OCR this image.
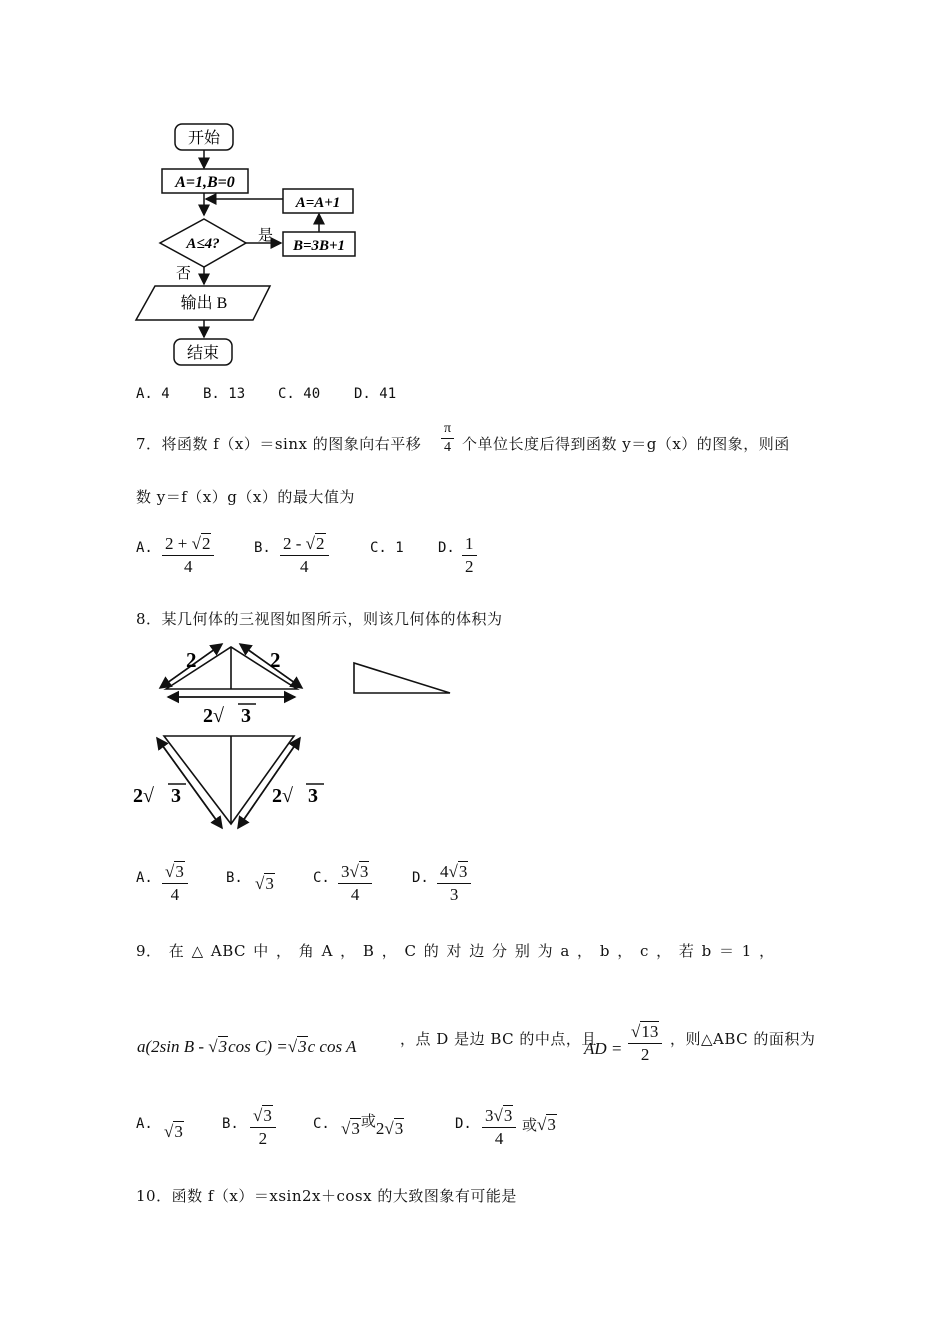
开始
A=1,B=0
A≤4?	是
否
B=3B+1
A=A+1
输出 B
结束
A. 4 B. 13 C. 40 D. 41
7．将函数 f（x）＝sinx 的图象向右平移 $\frac{\pi}{4}$ 个单位长度后得到函数 y＝g（x）的图象，则函
数 y＝f（x）g（x）的最大值为
A. $\frac{2 + √2}{4}$	B. $\frac{2 - √2}{4}$	C. 1 D. $\frac{1}{2}$
8．某几何体的三视图如图所示，则该几何体的体积为
2	2
2√ 3
2√ 3	2√ 3
A. $\frac{√3}{4}$	B. √3	C. $\frac{3√3}{4}$	D. $\frac{4√3}{3}$
9． 在 △ ABC 中 ， 角 A ， B ， C 的 对 边 分 别 为 a ， b ， c ， 若 b ＝ 1 ，
a(2sin B - √3cos C) =√3c cos A	，点 D 是边 BC 的中点，且
AD = $\frac{√13}{2}$ ，则△ABC 的面积为
A. √3	B. $\frac{√3}{2}$	C. √3或2√3	D. $\frac{3√3}{4}$ 或√3
10．函数 f（x）＝xsin2x＋cosx 的大致图象有可能是
